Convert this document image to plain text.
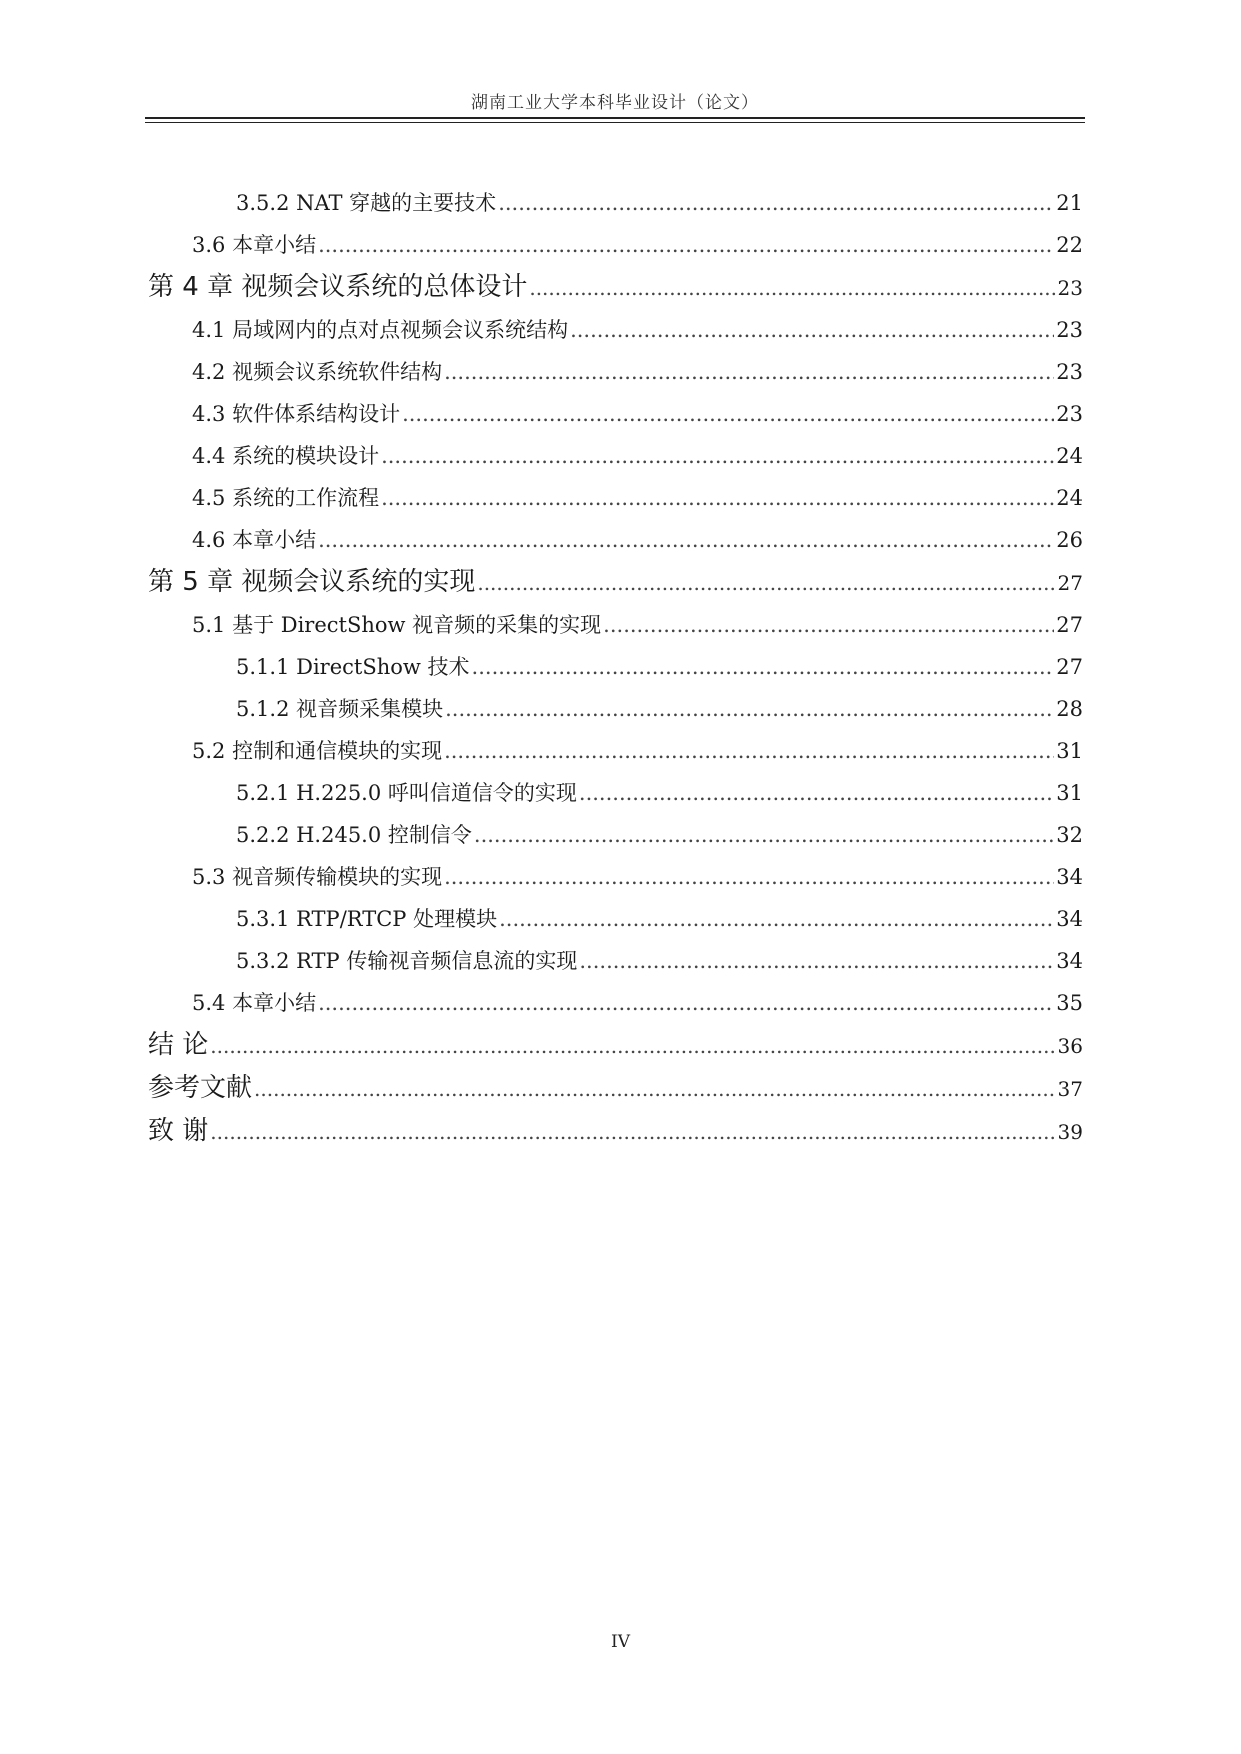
湖南工业大学本科毕业设计（论文）
3.5.2 NAT 穿越的主要技术 .....	21
3.6 本章小结 .....	22
第 4 章 视频会议系统的总体设计 .....	23
4.1 局域网内的点对点视频会议系统结构 .....	23
4.2 视频会议系统软件结构 .....	23
4.3 软件体系结构设计 .....	23
4.4 系统的模块设计 .....	24
4.5 系统的工作流程 .....	24
4.6 本章小结 .....	26
第 5 章 视频会议系统的实现 .....	27
5.1 基于 DirectShow 视音频的采集的实现 .....	27
5.1.1 DirectShow 技术 .....	27
5.1.2 视音频采集模块 .....	28
5.2 控制和通信模块的实现 .....	31
5.2.1 H.225.0 呼叫信道信令的实现 .....	31
5.2.2 H.245.0 控制信令 .....	32
5.3 视音频传输模块的实现 .....	34
5.3.1 RTP/RTCP 处理模块 .....	34
5.3.2 RTP 传输视音频信息流的实现 .....	34
5.4 本章小结 .....	35
结 论 .....	36
参考文献 .....	37
致 谢 .....	39
IV
